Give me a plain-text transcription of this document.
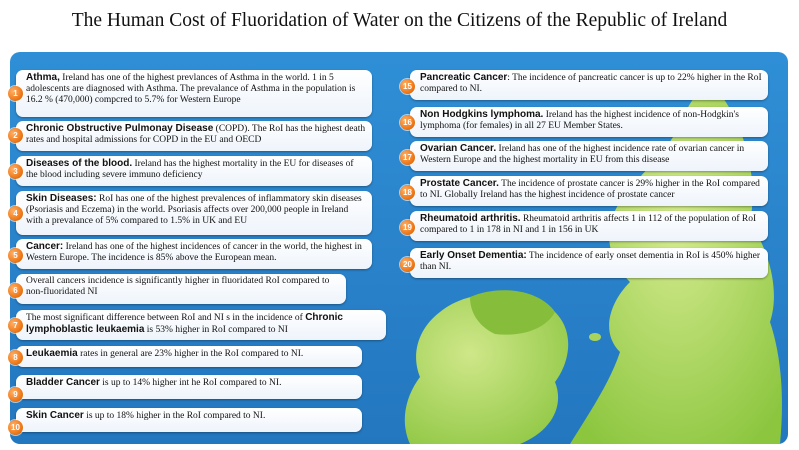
The Human Cost of Fluoridation of Water on the Citizens of the Republic of Ireland
Athma, Ireland has one of the highest prevlances of Asthma in the world. 1 in 5 adolescents are diagnosed with Asthma. The prevalance of Asthma in the population is 16.2 % (470,000) compcred to 5.7% for Western Europe
1
Chronic Obstructive Pulmonay Disease (COPD). The RoI has the highest death rates and hospital admissions for COPD in the EU and OECD
2
Diseases of the blood. Ireland has the highest mortality in the EU for diseases of the blood including severe immuno deficiency
3
Skin Diseases: RoI has one of the highest prevalences of inflammatory skin diseases (Psoriasis and Eczema) in the world. Psoriasis affects over 200,000 people in Ireland with a prevalance of 5% compared to 1.5% in UK and EU
4
Cancer: Ireland has one of the highest incidences of cancer in the world, the highest in Western Europe. The incidence is 85% above the European mean.
5
Overall cancers incidence is significantly higher in fluoridated RoI compared to non-fluoridated NI
6
The most significant difference between RoI and NI s in the incidence of Chronic lymphoblastic leukaemia is 53% higher in RoI compared to NI
7
Leukaemia rates in general are 23% higher in the RoI compared to NI.
8
Bladder Cancer is up to 14% higher int he RoI compared to NI.
9
Skin Cancer is up to 18% higher in the RoI compared to NI.
10
Pancreatic Cancer: The incidence of pancreatic cancer is up to 22% higher in the RoI compared to NI.
15
Non Hodgkins lymphoma. Ireland has the highest incidence of non-Hodgkin's lymphoma (for females) in all 27 EU Member States.
16
Ovarian Cancer. Ireland has one of the highest incidence rate of ovarian cancer in Western Europe and the highest mortality in EU from this disease
17
Prostate Cancer. The incidence of prostate cancer is 29% higher in the RoI compared to NI. Globally Ireland has the highest incidence of prostate cancer
18
Rheumatoid arthritis. Rheumatoid arthritis affects 1 in 112 of the population of RoI compared to 1 in 178 in NI and 1 in 156 in UK
19
Early Onset Dementia: The incidence of early onset dementia in RoI is 450% higher than NI.
20
